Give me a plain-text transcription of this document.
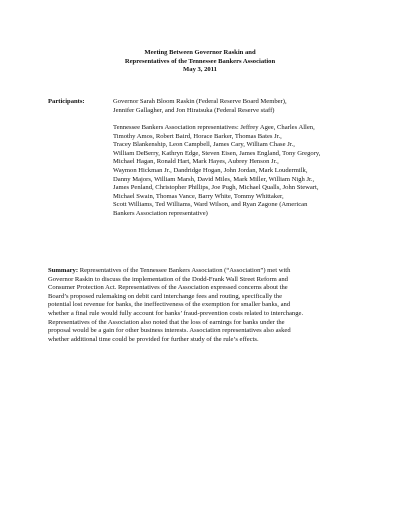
Meeting Between Governor Raskin and
Representatives of the Tennessee Bankers Association
May 3, 2011
Participants:	Governor Sarah Bloom Raskin (Federal Reserve Board Member),
Jennifer Gallagher, and Jon Hiratsuka (Federal Reserve staff)
Tennessee Bankers Association representatives: Jeffrey Agee, Charles Allen,
Timothy Amos, Robert Baird, Horace Barker, Thomas Bates Jr.,
Tracey Blankenship, Leon Campbell, James Cary, William Chase Jr.,
William DeBerry, Kathryn Edge, Steven Eisen, James England, Tony Gregory,
Michael Hagan, Ronald Hart, Mark Hayes, Aubrey Henson Jr.,
Waymon Hickman Jr., Dandridge Hogan, John Jordan, Mark Loudermilk,
Danny Majors, William Marsh, David Miles, Mark Miller, William Nigh Jr.,
James Penland, Christopher Phillips, Joe Pugh, Michael Qualls, John Stewart,
Michael Swain, Thomas Vance, Barry White, Tommy Whittaker,
Scott Williams, Ted Williams, Ward Wilson, and Ryan Zagone (American
Bankers Association representative)
Summary: Representatives of the Tennessee Bankers Association (“Association”) met with
Governor Raskin to discuss the implementation of the Dodd-Frank Wall Street Reform and
Consumer Protection Act. Representatives of the Association expressed concerns about the
Board’s proposed rulemaking on debit card interchange fees and routing, specifically the
potential lost revenue for banks, the ineffectiveness of the exemption for smaller banks, and
whether a final rule would fully account for banks’ fraud-prevention costs related to interchange.
Representatives of the Association also noted that the loss of earnings for banks under the
proposal would be a gain for other business interests. Association representatives also asked
whether additional time could be provided for further study of the rule’s effects.
